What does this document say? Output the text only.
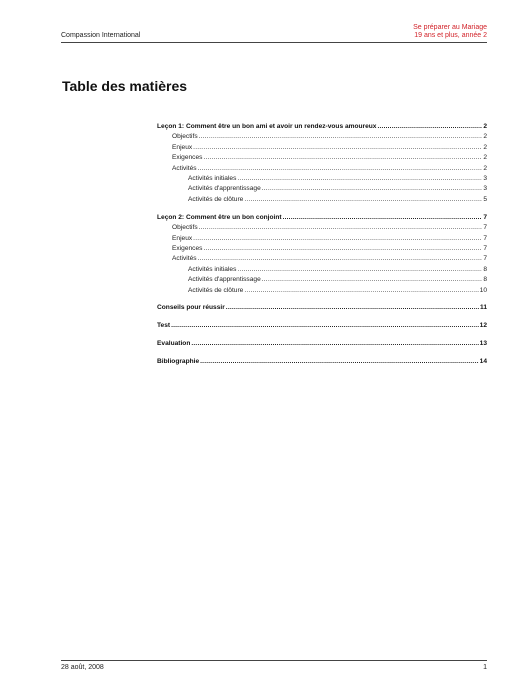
Compassion International
Se préparer au Mariage
19 ans et plus, année 2
Table des matières
Leçon 1: Comment être un bon ami et avoir un rendez-vous amoureux .....	2
Objectifs .....	2
Enjeux .....	2
Exigences .....	2
Activités .....	2
Activités initiales .....	3
Activités d'apprentissage .....	3
Activités de clôture .....	5
Leçon 2: Comment être un bon conjoint .....	7
Objectifs .....	7
Enjeux .....	7
Exigences .....	7
Activités .....	7
Activités initiales .....	8
Activités d'apprentissage .....	8
Activités de clôture .....	10
Conseils pour réussir .....	11
Test .....	12
Evaluation .....	13
Bibliographie .....	14
28 août, 2008	1
